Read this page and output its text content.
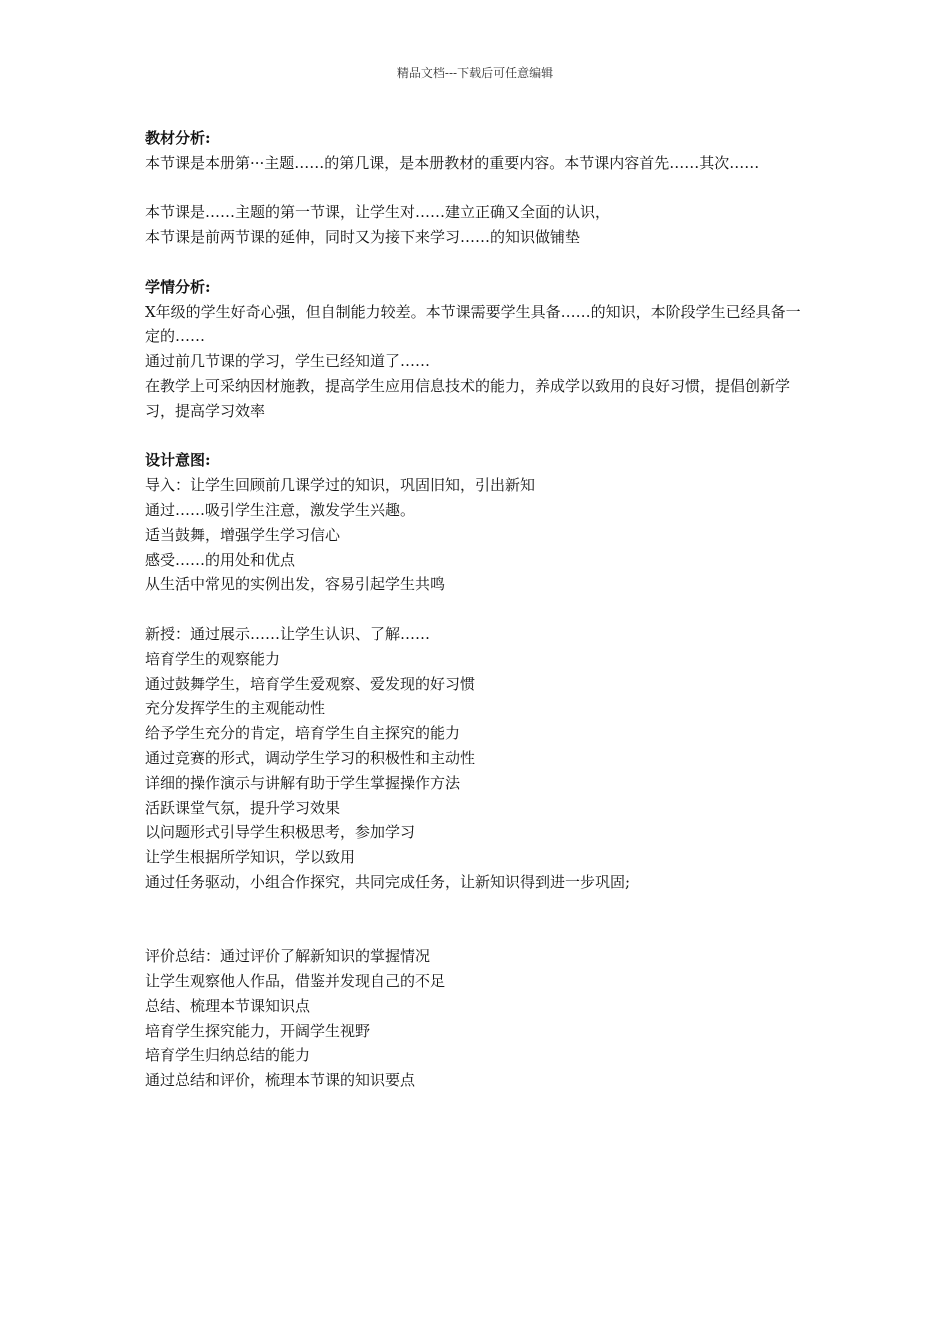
精品文档---下载后可任意编辑

教材分析:

本节课是本册第···主题……的第几课，是本册教材的重要内容。本节课内容首先……其次……

本节课是……主题的第一节课，让学生对……建立正确又全面的认识，

本节课是前两节课的延伸，同时又为接下来学习……的知识做铺垫

学情分析:

X年级的学生好奇心强，但自制能力较差。本节课需要学生具备……的知识，本阶段学生已经具备一定的……

通过前几节课的学习，学生已经知道了……

在教学上可采纳因材施教，提高学生应用信息技术的能力，养成学以致用的良好习惯，提倡创新学习，提高学习效率

设计意图:

导入：让学生回顾前几课学过的知识，巩固旧知，引出新知

通过……吸引学生注意，激发学生兴趣。

适当鼓舞，增强学生学习信心

感受……的用处和优点

从生活中常见的实例出发，容易引起学生共鸣

新授：通过展示……让学生认识、了解……

培育学生的观察能力

通过鼓舞学生，培育学生爱观察、爱发现的好习惯

充分发挥学生的主观能动性

给予学生充分的肯定，培育学生自主探究的能力

通过竞赛的形式，调动学生学习的积极性和主动性

详细的操作演示与讲解有助于学生掌握操作方法

活跃课堂气氛，提升学习效果

以问题形式引导学生积极思考，参加学习

让学生根据所学知识，学以致用

通过任务驱动，小组合作探究，共同完成任务，让新知识得到进一步巩固;

评价总结：通过评价了解新知识的掌握情况

让学生观察他人作品，借鉴并发现自己的不足

总结、梳理本节课知识点

培育学生探究能力，开阔学生视野

培育学生归纳总结的能力

通过总结和评价，梳理本节课的知识要点
